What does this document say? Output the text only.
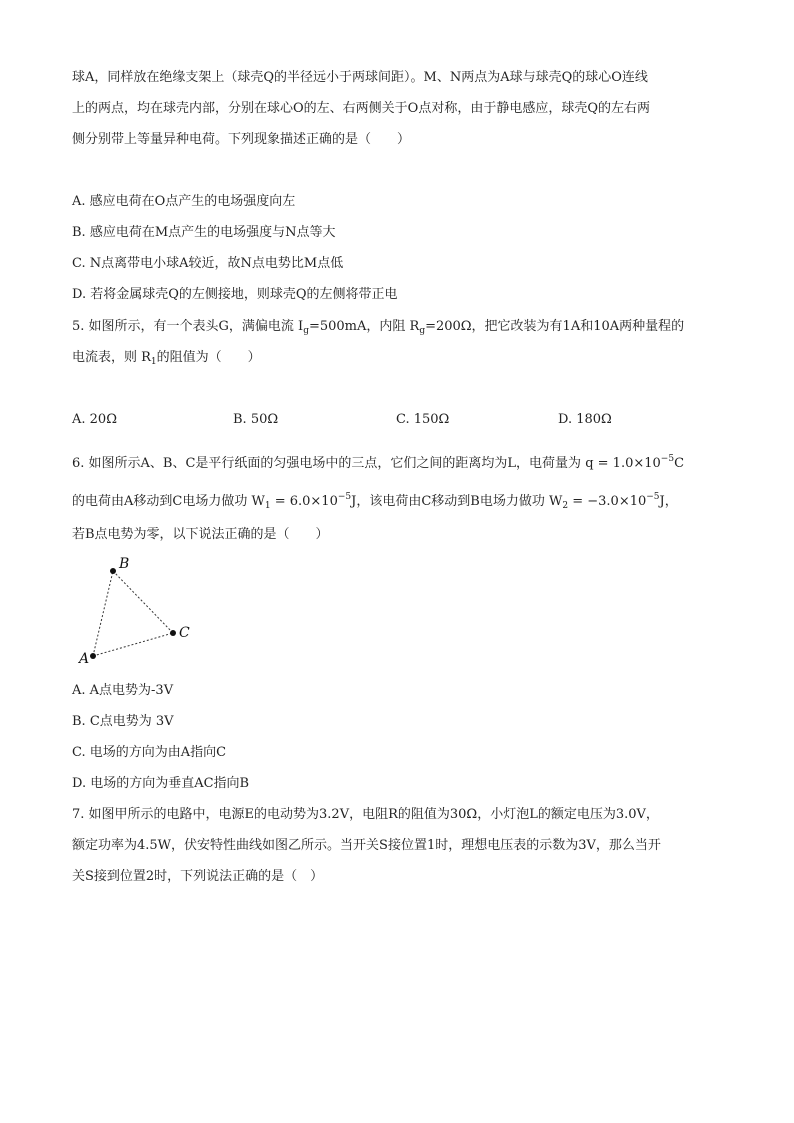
球A，同样放在绝缘支架上（球壳Q的半径远小于两球间距）。M、N两点为A球与球壳Q的球心O连线
上的两点，均在球壳内部，分别在球心O的左、右两侧关于O点对称，由于静电感应，球壳Q的左右两
侧分别带上等量异种电荷。下列现象描述正确的是（　　）
A. 感应电荷在O点产生的电场强度向左
B. 感应电荷在M点产生的电场强度与N点等大
C. N点离带电小球A较近，故N点电势比M点低
D. 若将金属球壳Q的左侧接地，则球壳Q的左侧将带正电
5. 如图所示，有一个表头G，满偏电流 $I_g=500mA$，内阻 $R_g=200\Omega$，把它改装为有1A和10A两种量程的
电流表，则 $R_1$的阻值为（　　）
A. 20Ω	B. 50Ω	C. 150Ω	D. 180Ω
6. 如图所示A、B、C是平行纸面的匀强电场中的三点，它们之间的距离均为L，电荷量为 $q = 1.0\times 10^{-5}C$
的电荷由A移动到C电场力做功 $W_1 = 6.0\times 10^{-5}J$，该电荷由C移动到B电场力做功 $W_2 = -3.0\times 10^{-5}J$，
若B点电势为零，以下说法正确的是（　　）
A
B
C
A. A点电势为-3V
B. C点电势为 3V
C. 电场的方向为由A指向C
D. 电场的方向为垂直AC指向B
7. 如图甲所示的电路中，电源E的电动势为3.2V，电阻R的阻值为30Ω，小灯泡L的额定电压为3.0V，
额定功率为4.5W，伏安特性曲线如图乙所示。当开关S接位置1时，理想电压表的示数为3V，那么当开
关S接到位置2时，下列说法正确的是（　）
